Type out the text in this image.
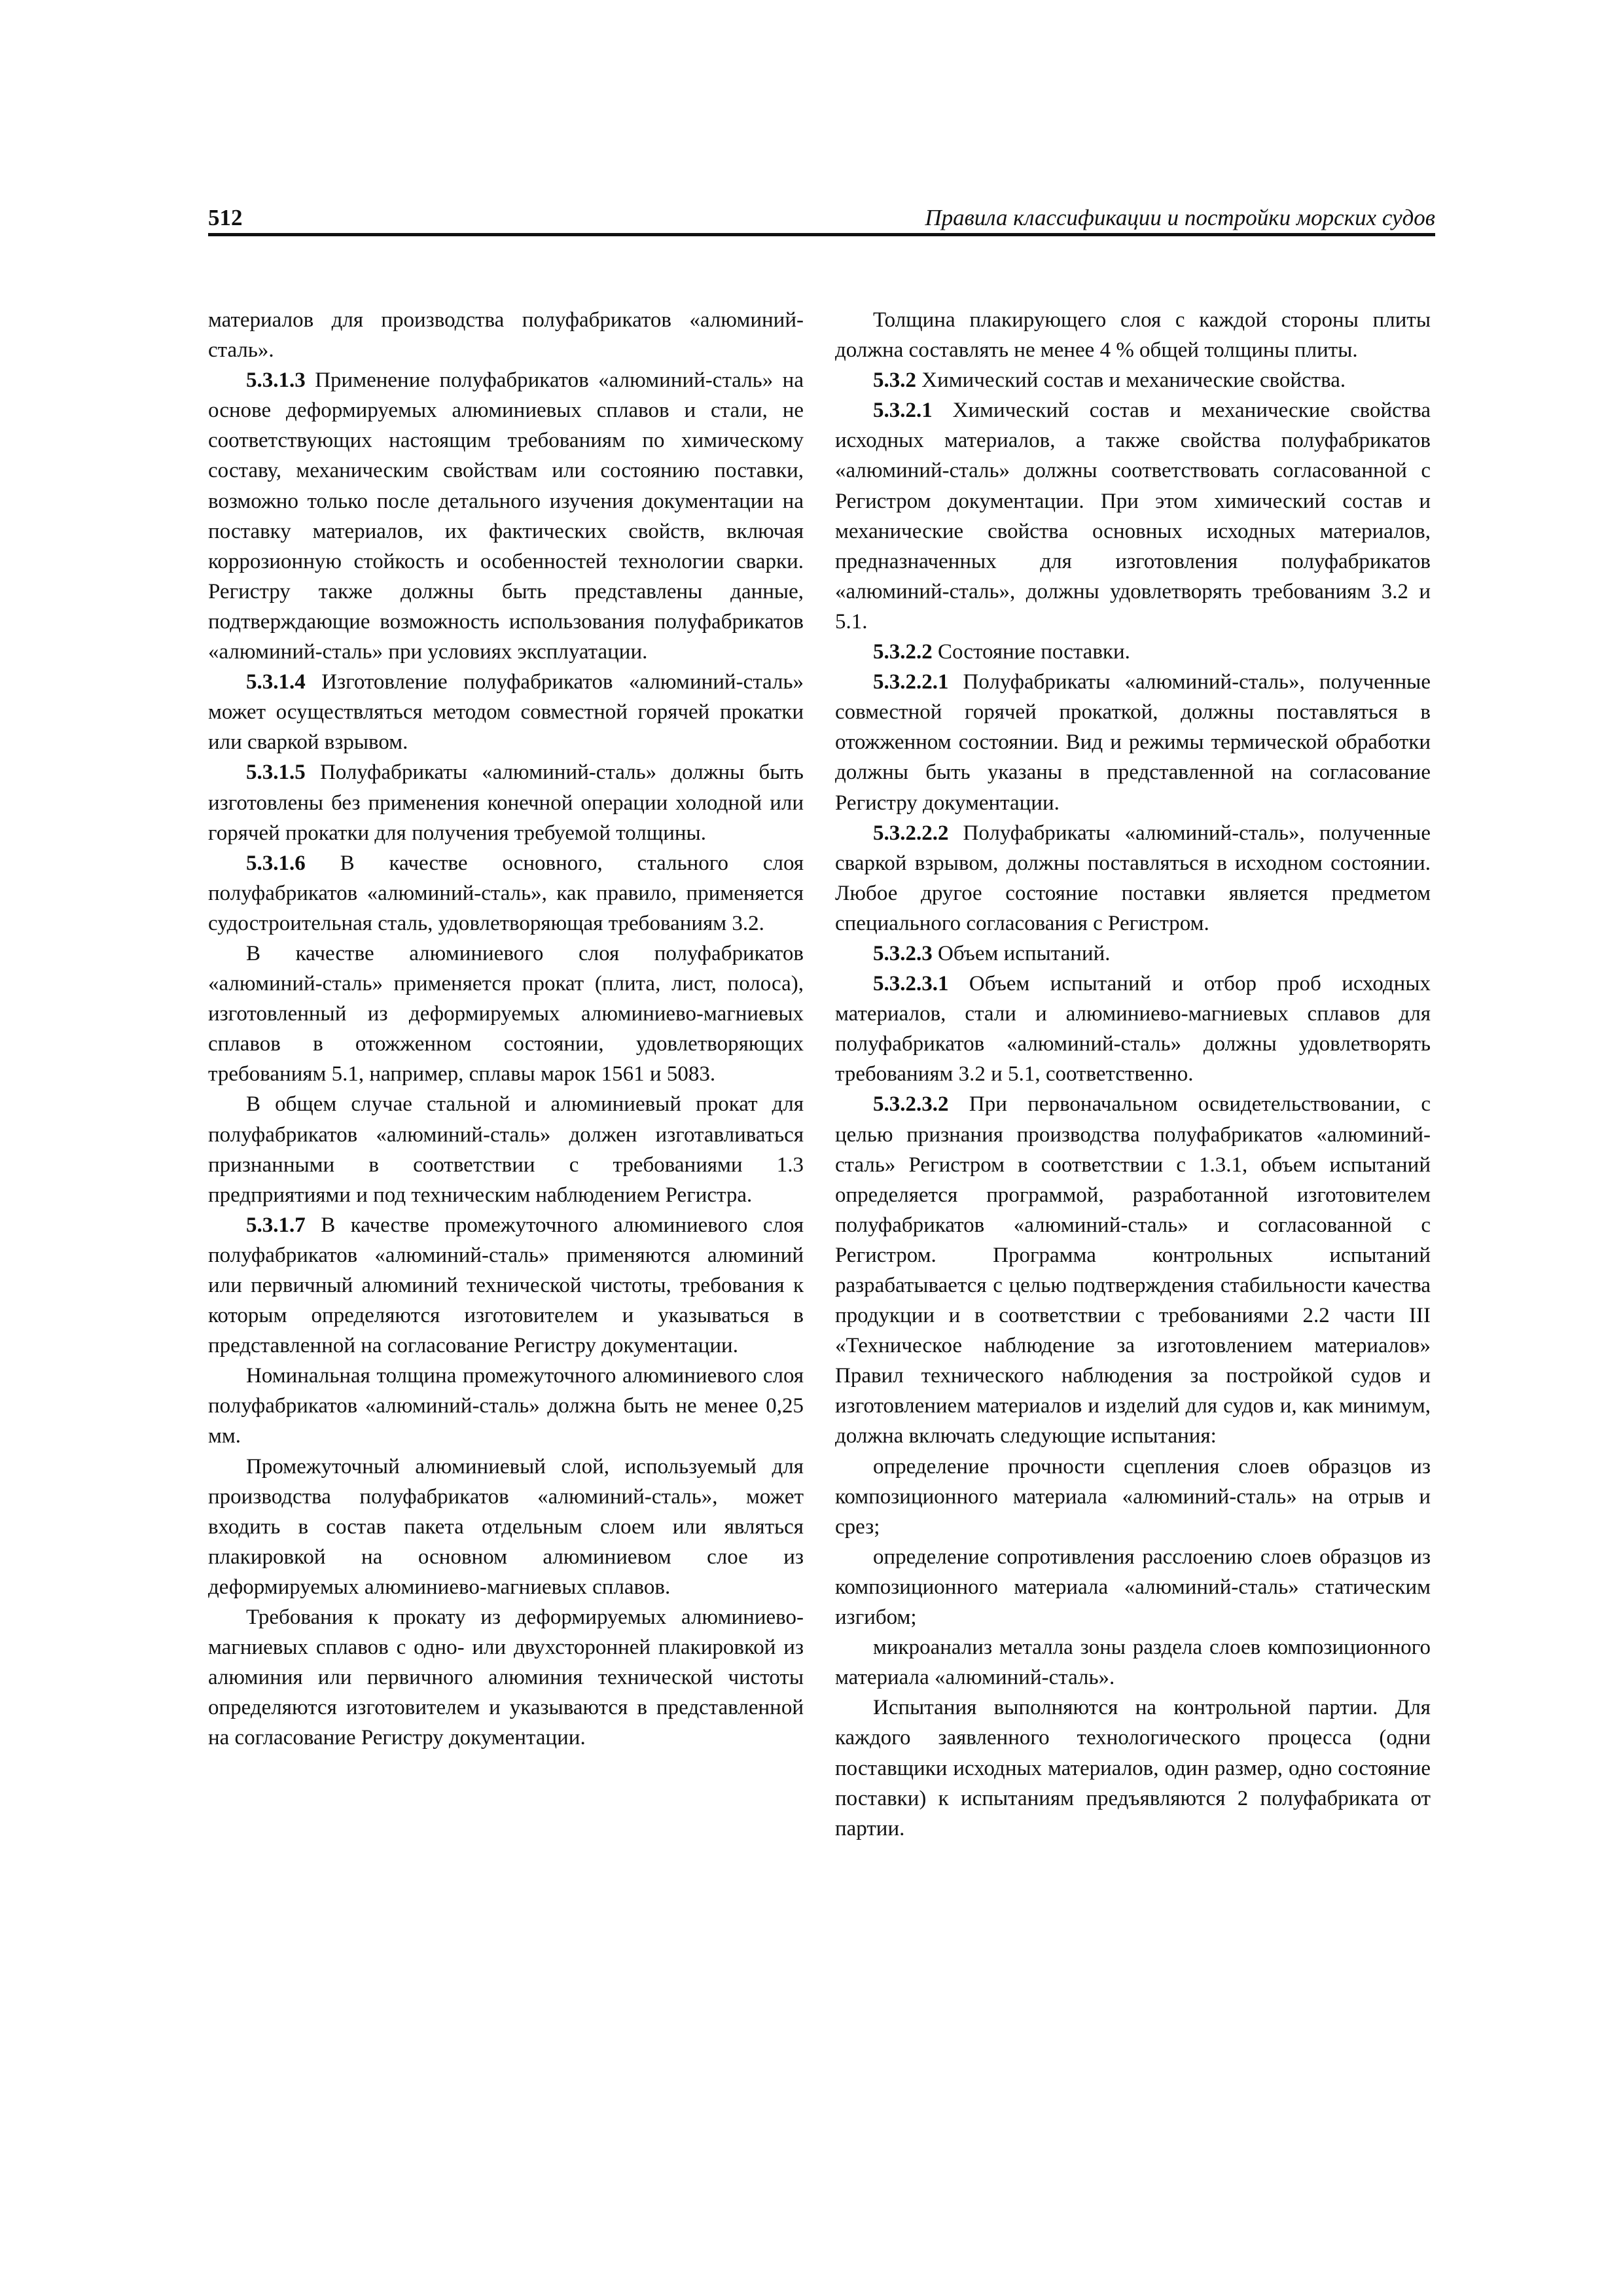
512	Правила классификации и постройки морских судов

материалов для производства полуфабрикатов «алюминий-сталь».

5.3.1.3 Применение полуфабрикатов «алюминий-сталь» на основе деформируемых алюминиевых сплавов и стали, не соответствующих настоящим требованиям по химическому составу, механическим свойствам или состоянию поставки, возможно только после детального изучения документации на поставку материалов, их фактических свойств, включая коррозионную стойкость и особенностей технологии сварки. Регистру также должны быть представлены данные, подтверждающие возможность использования полуфабрикатов «алюминий-сталь» при условиях эксплуатации.

5.3.1.4 Изготовление полуфабрикатов «алюминий-сталь» может осуществляться методом совместной горячей прокатки или сваркой взрывом.

5.3.1.5 Полуфабрикаты «алюминий-сталь» должны быть изготовлены без применения конечной операции холодной или горячей прокатки для получения требуемой толщины.

5.3.1.6 В качестве основного, стального слоя полуфабрикатов «алюминий-сталь», как правило, применяется судостроительная сталь, удовлетворяющая требованиям 3.2.

В качестве алюминиевого слоя полуфабрикатов «алюминий-сталь» применяется прокат (плита, лист, полоса), изготовленный из деформируемых алюминиево-магниевых сплавов в отожженном состоянии, удовлетворяющих требованиям 5.1, например, сплавы марок 1561 и 5083.

В общем случае стальной и алюминиевый прокат для полуфабрикатов «алюминий-сталь» должен изготавливаться признанными в соответствии с требованиями 1.3 предприятиями и под техническим наблюдением Регистра.

5.3.1.7 В качестве промежуточного алюминиевого слоя полуфабрикатов «алюминий-сталь» применяются алюминий или первичный алюминий технической чистоты, требования к которым определяются изготовителем и указываться в представленной на согласование Регистру документации.

Номинальная толщина промежуточного алюминиевого слоя полуфабрикатов «алюминий-сталь» должна быть не менее 0,25 мм.

Промежуточный алюминиевый слой, используемый для производства полуфабрикатов «алюминий-сталь», может входить в состав пакета отдельным слоем или являться плакировкой на основном алюминиевом слое из деформируемых алюминиево-магниевых сплавов.

Требования к прокату из деформируемых алюминиево-магниевых сплавов с одно- или двухсторонней плакировкой из алюминия или первичного алюминия технической чистоты определяются изготовителем и указываются в представленной на согласование Регистру документации.

Толщина плакирующего слоя с каждой стороны плиты должна составлять не менее 4 % общей толщины плиты.

5.3.2 Химический состав и механические свойства.

5.3.2.1 Химический состав и механические свойства исходных материалов, а также свойства полуфабрикатов «алюминий-сталь» должны соответствовать согласованной с Регистром документации. При этом химический состав и механические свойства основных исходных материалов, предназначенных для изготовления полуфабрикатов «алюминий-сталь», должны удовлетворять требованиям 3.2 и 5.1.

5.3.2.2 Состояние поставки.

5.3.2.2.1 Полуфабрикаты «алюминий-сталь», полученные совместной горячей прокаткой, должны поставляться в отожженном состоянии. Вид и режимы термической обработки должны быть указаны в представленной на согласование Регистру документации.

5.3.2.2.2 Полуфабрикаты «алюминий-сталь», полученные сваркой взрывом, должны поставляться в исходном состоянии. Любое другое состояние поставки является предметом специального согласования с Регистром.

5.3.2.3 Объем испытаний.

5.3.2.3.1 Объем испытаний и отбор проб исходных материалов, стали и алюминиево-магниевых сплавов для полуфабрикатов «алюминий-сталь» должны удовлетворять требованиям 3.2 и 5.1, соответственно.

5.3.2.3.2 При первоначальном освидетельствовании, с целью признания производства полуфабрикатов «алюминий-сталь» Регистром в соответствии с 1.3.1, объем испытаний определяется программой, разработанной изготовителем полуфабрикатов «алюминий-сталь» и согласованной с Регистром. Программа контрольных испытаний разрабатывается с целью подтверждения стабильности качества продукции и в соответствии с требованиями 2.2 части III «Техническое наблюдение за изготовлением материалов» Правил технического наблюдения за постройкой судов и изготовлением материалов и изделий для судов и, как минимум, должна включать следующие испытания:

определение прочности сцепления слоев образцов из композиционного материала «алюминий-сталь» на отрыв и срез;

определение сопротивления расслоению слоев образцов из композиционного материала «алюминий-сталь» статическим изгибом;

микроанализ металла зоны раздела слоев композиционного материала «алюминий-сталь».

Испытания выполняются на контрольной партии. Для каждого заявленного технологического процесса (одни поставщики исходных материалов, один размер, одно состояние поставки) к испытаниям предъявляются 2 полуфабриката от партии.
